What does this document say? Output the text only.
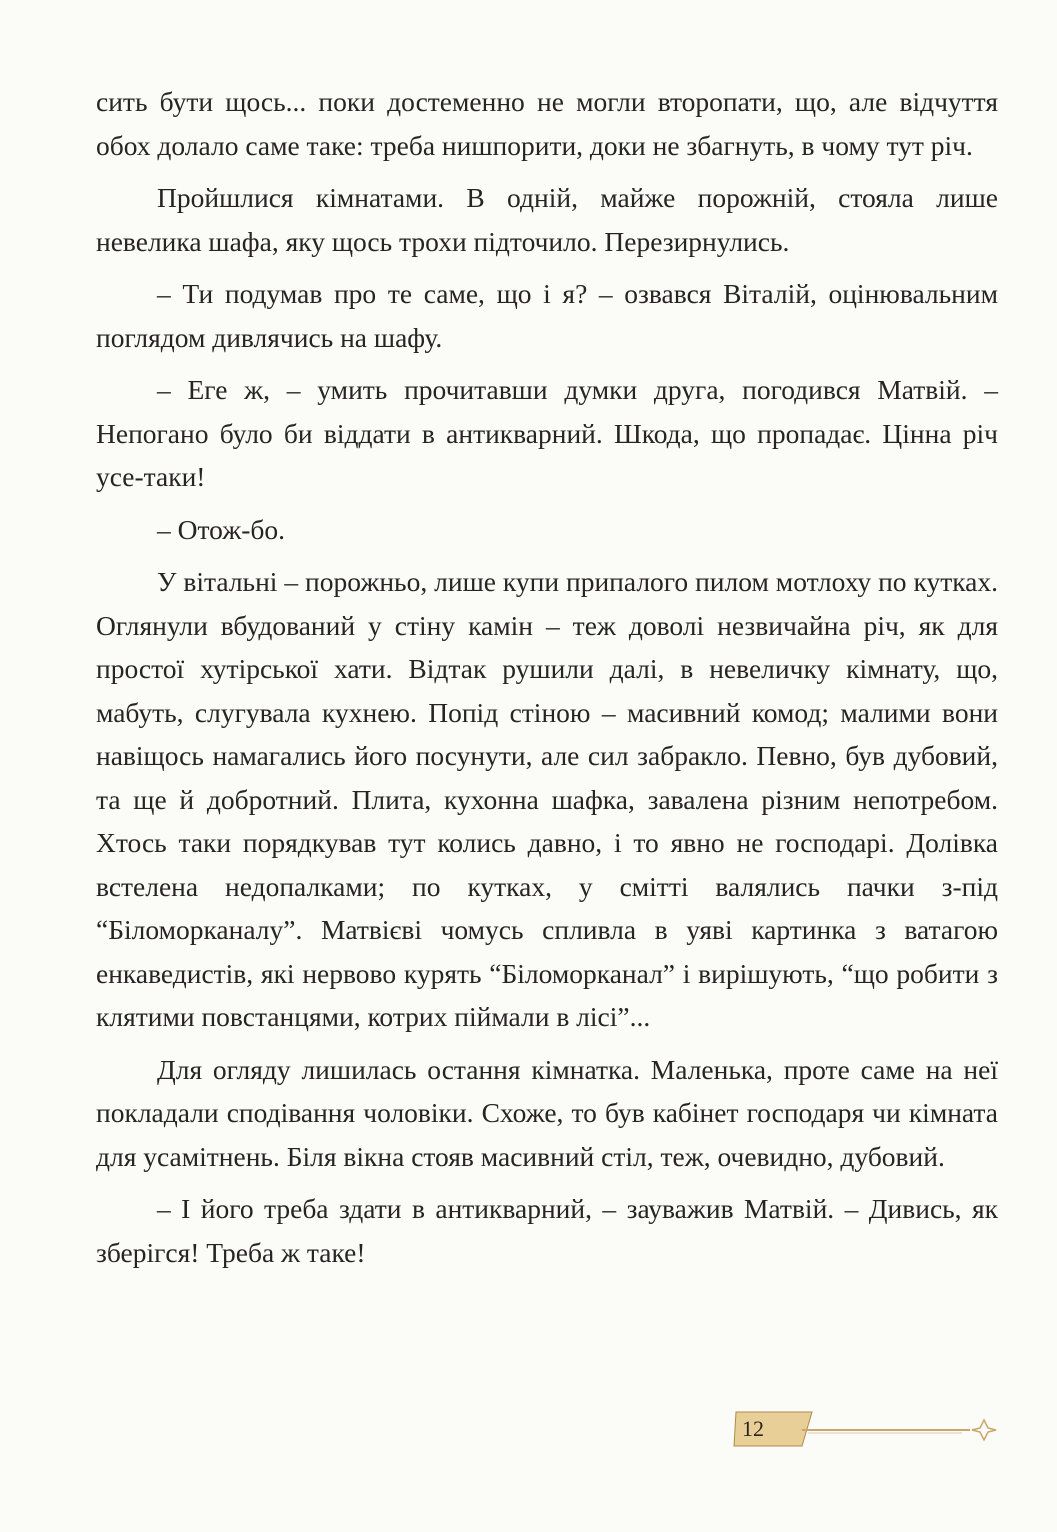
сить бути щось... поки достеменно не могли второпати, що, але відчуття обох долало саме таке: треба нишпорити, доки не збагнуть, в чому тут річ.

Пройшлися кімнатами. В одній, майже порожній, стояла лише невелика шафа, яку щось трохи підточило. Перезирнулись.

– Ти подумав про те саме, що і я? – озвався Віталій, оцінювальним поглядом дивлячись на шафу.

– Еге ж, – умить прочитавши думки друга, погодився Матвій. – Непогано було би віддати в антикварний. Шкода, що пропадає. Цінна річ усе-таки!

– Отож-бо.

У вітальні – порожньо, лише купи припалого пилом мотлоху по кутках. Оглянули вбудований у стіну камін – теж доволі незвичайна річ, як для простої хутірської хати. Відтак рушили далі, в невеличку кімнату, що, мабуть, слугувала кухнею. Попід стіною – масивний комод; малими вони навіщось намагались його посунути, але сил забракло. Певно, був дубовий, та ще й добротний. Плита, кухонна шафка, завалена різним непотребом. Хтось таки порядкував тут колись давно, і то явно не господарі. Долівка встелена недопалками; по кутках, у смітті валялись пачки з-під “Біломорканалу”. Матвієві чомусь спливла в уяві картинка з ватагою енкаведистів, які нервово курять “Біломорканал” і вирішують, “що робити з клятими повстанцями, котрих піймали в лісі”...

Для огляду лишилась остання кімнатка. Маленька, проте саме на неї покладали сподівання чоловіки. Схоже, то був кабінет господаря чи кімната для усамітнень. Біля вікна стояв масивний стіл, теж, очевидно, дубовий.

– І його треба здати в антикварний, – зауважив Матвій. – Дивись, як зберігся! Треба ж таке!

12
